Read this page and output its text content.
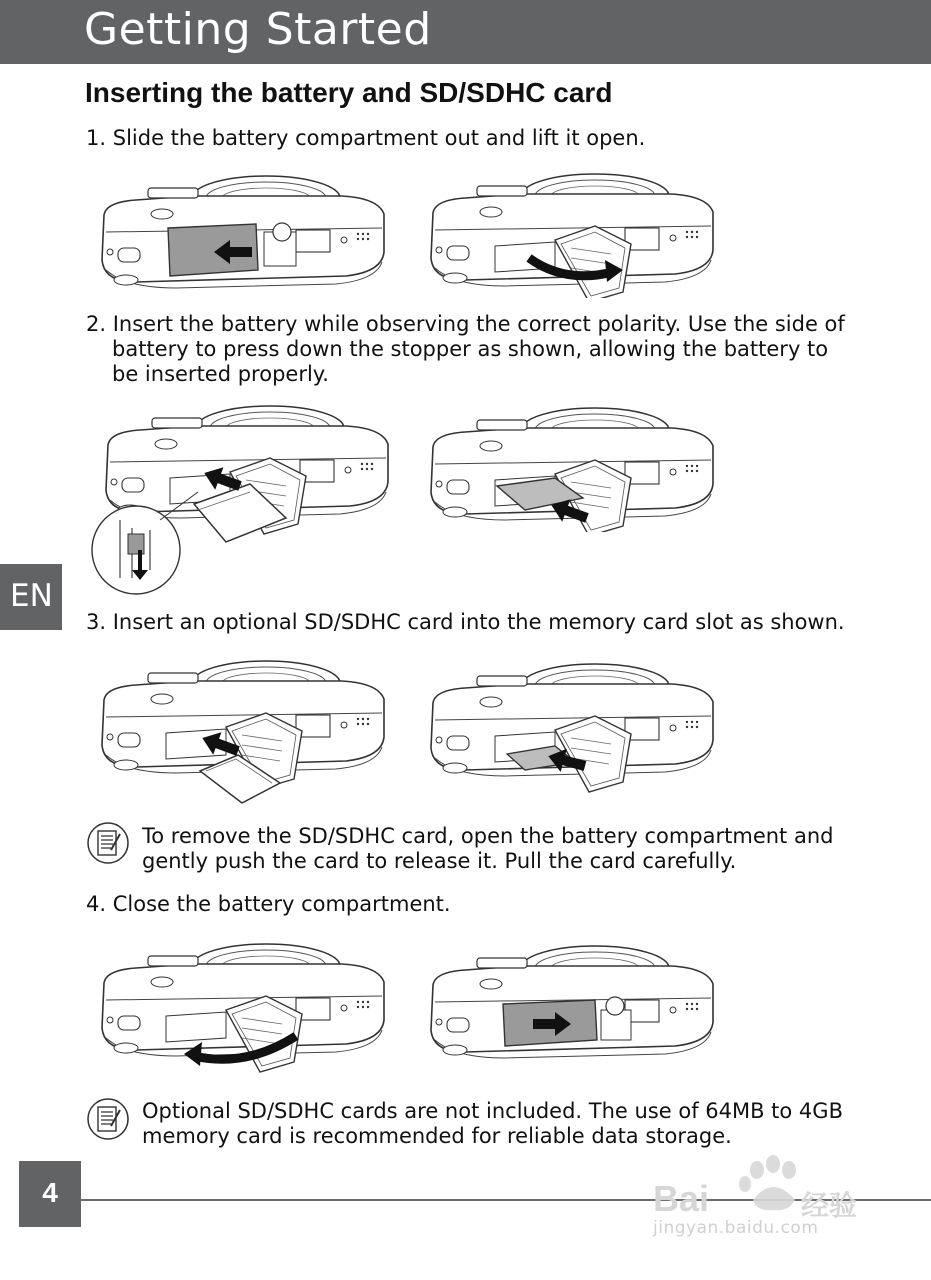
Getting Started
Inserting the battery and SD/SDHC card

1. Slide the battery compartment out and lift it open.

2. Insert the battery while observing the correct polarity. Use the side of
battery to press down the stopper as shown, allowing the battery to
be inserted properly.

3. Insert an optional SD/SDHC card into the memory card slot as shown.

To remove the SD/SDHC card, open the battery compartment and
gently push the card to release it. Pull the card carefully.

4. Close the battery compartment.

Optional SD/SDHC cards are not included. The use of 64MB to 4GB
memory card is recommended for reliable data storage.
EN
4	Bai	经验
jingyan.baidu.com
